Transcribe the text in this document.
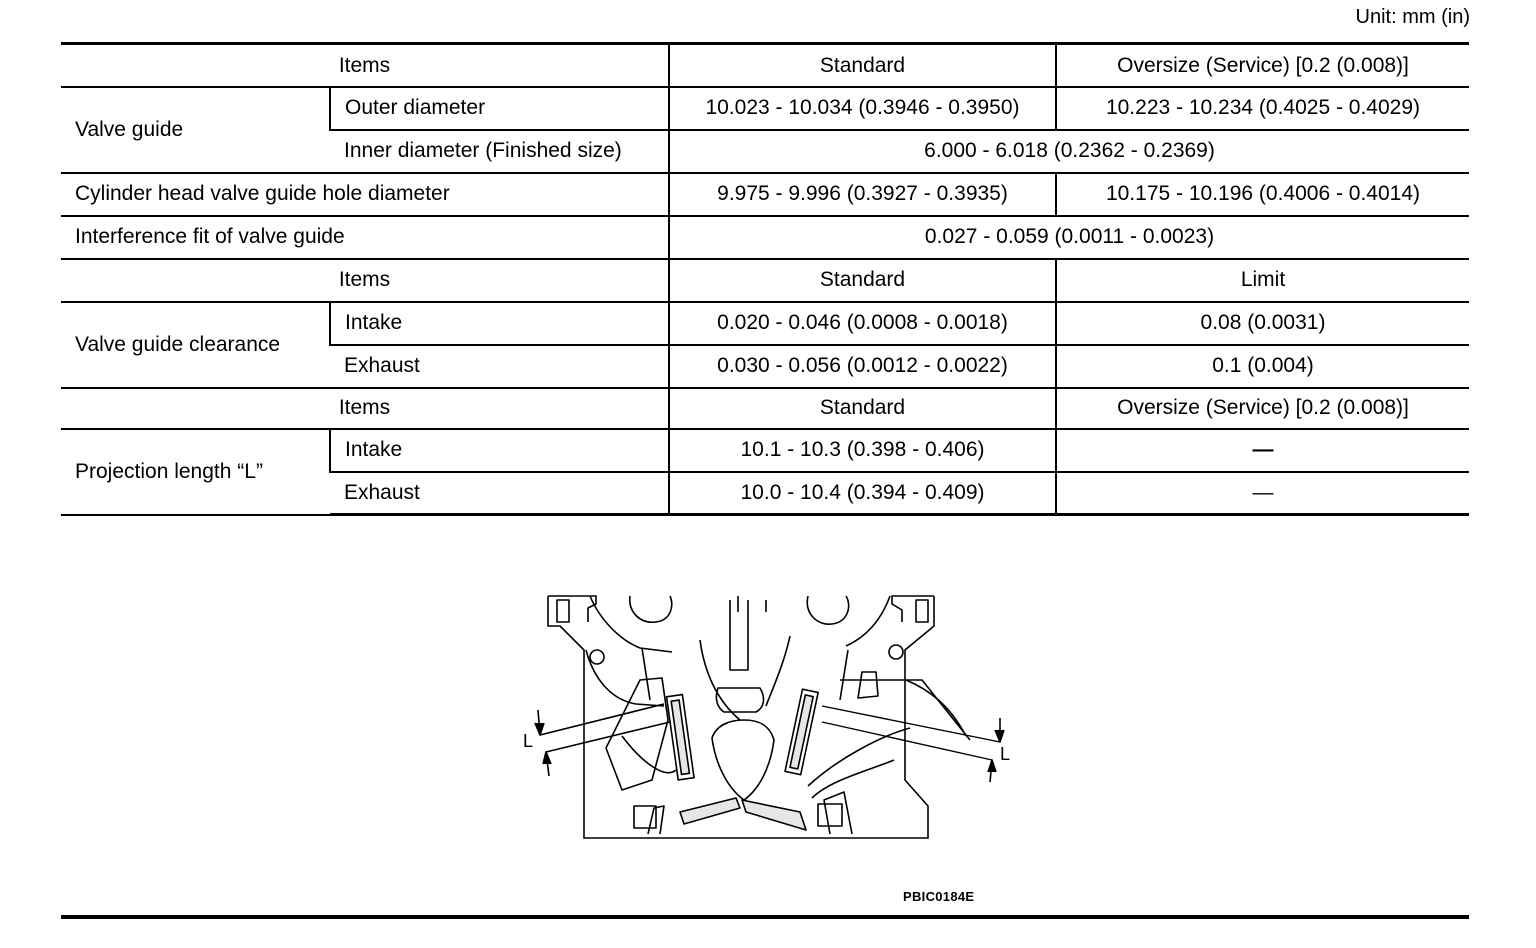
Unit: mm (in)
Items		Standard	Oversize (Service) [0.2 (0.008)]
Valve guide	Outer diameter	10.023 - 10.034 (0.3946 - 0.3950)	10.223 - 10.234 (0.4025 - 0.4029)
	Inner diameter (Finished size)	6.000 - 6.018 (0.2362 - 0.2369)	
Cylinder head valve guide hole diameter		9.975 - 9.996 (0.3927 - 0.3935)	10.175 - 10.196 (0.4006 - 0.4014)
Interference fit of valve guide		0.027 - 0.059 (0.0011 - 0.0023)	
Items		Standard	Limit
Valve guide clearance	Intake	0.020 - 0.046 (0.0008 - 0.0018)	0.08 (0.0031)
	Exhaust	0.030 - 0.056 (0.0012 - 0.0022)	0.1 (0.004)
Items		Standard	Oversize (Service) [0.2 (0.008)]
Projection length “L”	Intake	10.1 - 10.3 (0.398 - 0.406)	—
	Exhaust	10.0 - 10.4 (0.394 - 0.409)	—
L
L
PBIC0184E
